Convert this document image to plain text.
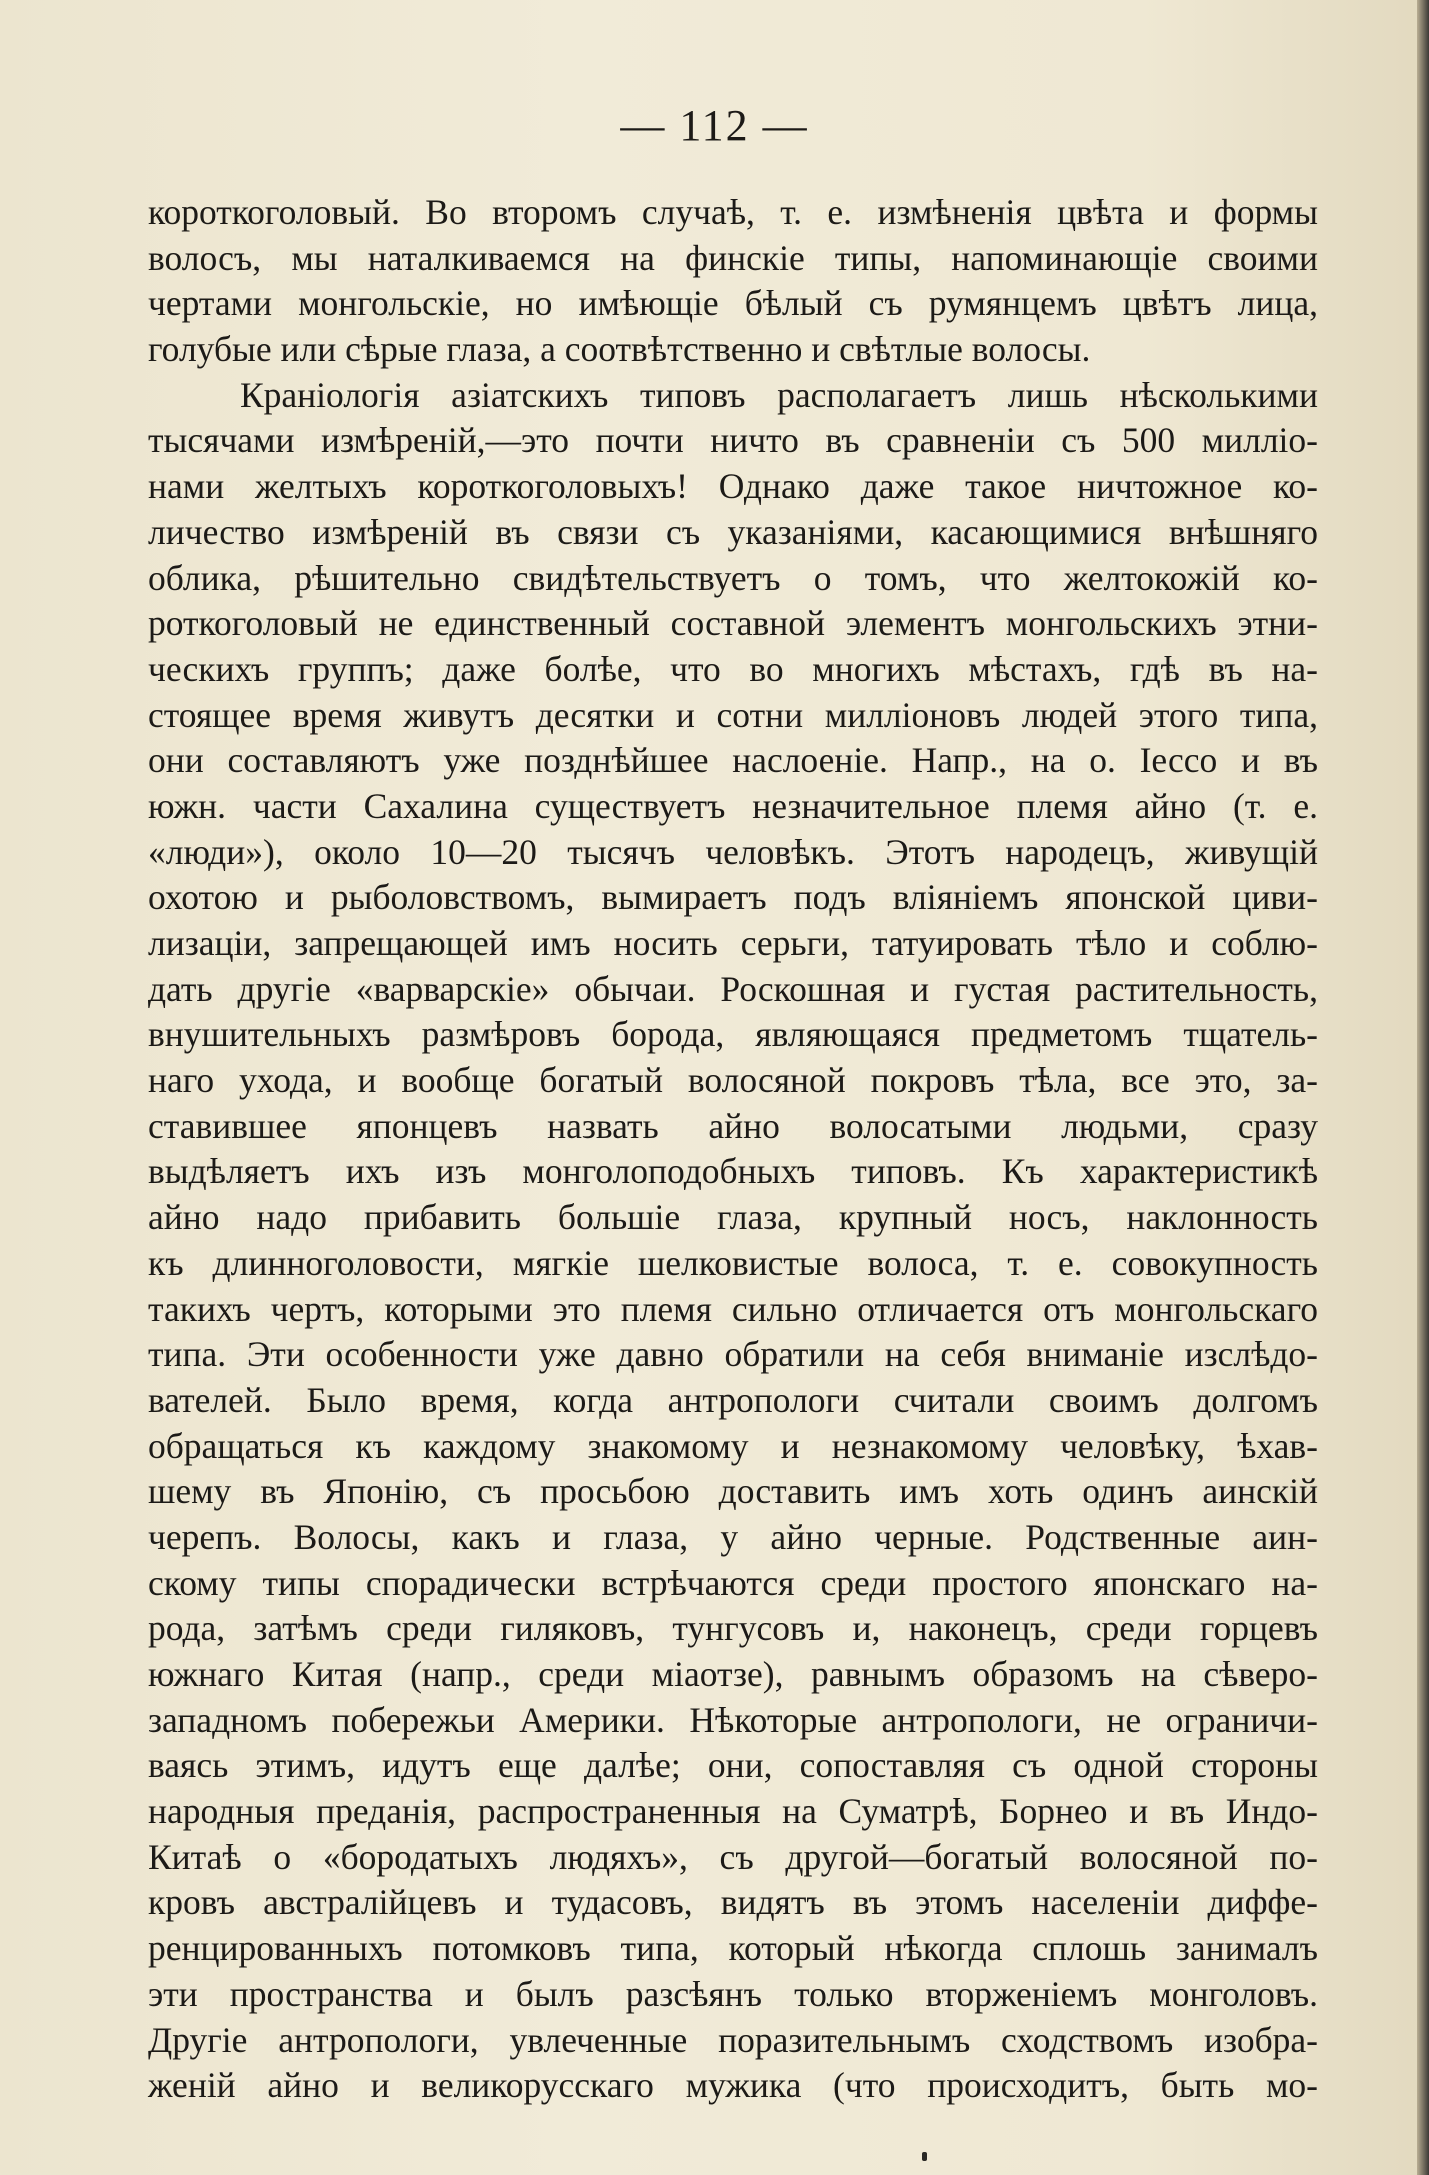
— 112 —
короткоголовый. Во второмъ случаѣ, т. е. измѣненія цвѣта и формы
волосъ, мы наталкиваемся на финскіе типы, напоминающіе своими
чертами монгольскіе, но имѣющіе бѣлый съ румянцемъ цвѣтъ лица,
голубые или сѣрые глаза, а соотвѣтственно и свѣтлые волосы.
Краніологія азіатскихъ типовъ располагаетъ лишь нѣсколькими
тысячами измѣреній,—это почти ничто въ сравненіи съ 500 милліо-
нами желтыхъ короткоголовыхъ! Однако даже такое ничтожное ко-
личество измѣреній въ связи съ указаніями, касающимися внѣшняго
облика, рѣшительно свидѣтельствуетъ о томъ, что желтокожій ко-
роткоголовый не единственный составной элементъ монгольскихъ этни-
ческихъ группъ; даже болѣе, что во многихъ мѣстахъ, гдѣ въ на-
стоящее время живутъ десятки и сотни милліоновъ людей этого типа,
они составляютъ уже позднѣйшее наслоеніе. Напр., на о. Іессо и въ
южн. части Сахалина существуетъ незначительное племя айно (т. е.
«люди»), около 10—20 тысячъ человѣкъ. Этотъ народецъ, живущій
охотою и рыболовствомъ, вымираетъ подъ вліяніемъ японской циви-
лизаціи, запрещающей имъ носить серьги, татуировать тѣло и соблю-
дать другіе «варварскіе» обычаи. Роскошная и густая растительность,
внушительныхъ размѣровъ борода, являющаяся предметомъ тщатель-
наго ухода, и вообще богатый волосяной покровъ тѣла, все это, за-
ставившее японцевъ назвать айно волосатыми людьми, сразу
выдѣляетъ ихъ изъ монголоподобныхъ типовъ. Къ характеристикѣ
айно надо прибавить большіе глаза, крупный носъ, наклонность
къ длинноголовости, мягкіе шелковистые волоса, т. е. совокупность
такихъ чертъ, которыми это племя сильно отличается отъ монгольскаго
типа. Эти особенности уже давно обратили на себя вниманіе изслѣдо-
вателей. Было время, когда антропологи считали своимъ долгомъ
обращаться къ каждому знакомому и незнакомому человѣку, ѣхав-
шему въ Японію, съ просьбою доставить имъ хоть одинъ аинскій
черепъ. Волосы, какъ и глаза, у айно черные. Родственные аин-
скому типы спорадически встрѣчаются среди простого японскаго на-
рода, затѣмъ среди гиляковъ, тунгусовъ и, наконецъ, среди горцевъ
южнаго Китая (напр., среди міаотзе), равнымъ образомъ на сѣверо-
западномъ побережьи Америки. Нѣкоторые антропологи, не ограничи-
ваясь этимъ, идутъ еще далѣе; они, сопоставляя съ одной стороны
народныя преданія, распространенныя на Суматрѣ, Борнео и въ Индо-
Китаѣ о «бородатыхъ людяхъ», съ другой—богатый волосяной по-
кровъ австралійцевъ и тудасовъ, видятъ въ этомъ населеніи диффе-
ренцированныхъ потомковъ типа, который нѣкогда сплошь занималъ
эти пространства и былъ разсѣянъ только вторженіемъ монголовъ.
Другіе антропологи, увлеченные поразительнымъ сходствомъ изобра-
женій айно и великорусскаго мужика (что происходитъ, быть мо-
